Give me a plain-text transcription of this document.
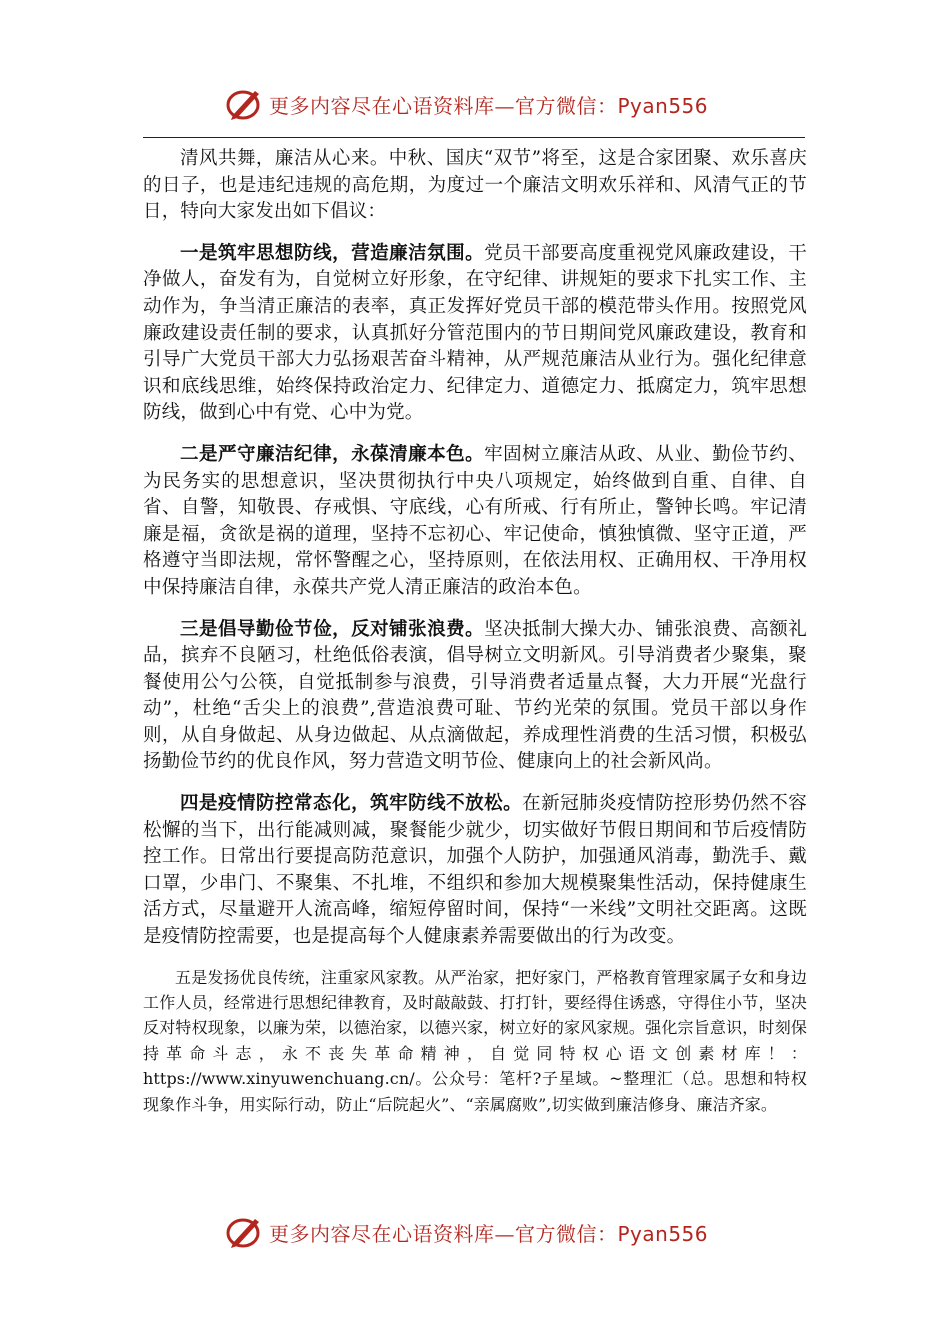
更多内容尽在心语资料库—官方微信：Pyan556

清风共舞，廉洁从心来。中秋、国庆“双节”将至，这是合家团聚、欢乐喜庆的日子，也是违纪违规的高危期，为度过一个廉洁文明欢乐祥和、风清气正的节日，特向大家发出如下倡议：

一是筑牢思想防线，营造廉洁氛围。党员干部要高度重视党风廉政建设，干净做人，奋发有为，自觉树立好形象，在守纪律、讲规矩的要求下扎实工作、主动作为，争当清正廉洁的表率，真正发挥好党员干部的模范带头作用。按照党风廉政建设责任制的要求，认真抓好分管范围内的节日期间党风廉政建设，教育和引导广大党员干部大力弘扬艰苦奋斗精神，从严规范廉洁从业行为。强化纪律意识和底线思维，始终保持政治定力、纪律定力、道德定力、抵腐定力，筑牢思想防线，做到心中有党、心中为党。

二是严守廉洁纪律，永葆清廉本色。牢固树立廉洁从政、从业、勤俭节约、为民务实的思想意识，坚决贯彻执行中央八项规定，始终做到自重、自律、自省、自警，知敬畏、存戒惧、守底线，心有所戒、行有所止，警钟长鸣。牢记清廉是福，贪欲是祸的道理，坚持不忘初心、牢记使命，慎独慎微、坚守正道，严格遵守当即法规，常怀警醒之心，坚持原则，在依法用权、正确用权、干净用权中保持廉洁自律，永葆共产党人清正廉洁的政治本色。

三是倡导勤俭节俭，反对铺张浪费。坚决抵制大操大办、铺张浪费、高额礼品，摈弃不良陋习，杜绝低俗表演，倡导树立文明新风。引导消费者少聚集，聚餐使用公勺公筷，自觉抵制参与浪费，引导消费者适量点餐，大力开展“光盘行动”，杜绝“舌尖上的浪费”,营造浪费可耻、节约光荣的氛围。党员干部以身作则，从自身做起、从身边做起、从点滴做起，养成理性消费的生活习惯，积极弘扬勤俭节约的优良作风，努力营造文明节俭、健康向上的社会新风尚。

四是疫情防控常态化，筑牢防线不放松。在新冠肺炎疫情防控形势仍然不容松懈的当下，出行能减则减，聚餐能少就少，切实做好节假日期间和节后疫情防控工作。日常出行要提高防范意识，加强个人防护，加强通风消毒，勤洗手、戴口罩，少串门、不聚集、不扎堆，不组织和参加大规模聚集性活动，保持健康生活方式，尽量避开人流高峰，缩短停留时间，保持“一米线”文明社交距离。这既是疫情防控需要，也是提高每个人健康素养需要做出的行为改变。

五是发扬优良传统，注重家风家教。从严治家，把好家门，严格教育管理家属子女和身边工作人员，经常进行思想纪律教育，及时敲敲鼓、打打针，要经得住诱惑，守得住小节，坚决反对特权现象，以廉为荣，以德治家，以德兴家，树立好的家风家规。强化宗旨意识，时刻保持革命斗志，永不丧失革命精神，自觉同特权心语文创素材库！：https://www.xinyuwenchuang.cn/。公众号：笔杆?子星域。~整理汇（总。思想和特权现象作斗争，用实际行动，防止“后院起火”、“亲属腐败”,切实做到廉洁修身、廉洁齐家。

更多内容尽在心语资料库—官方微信：Pyan556
